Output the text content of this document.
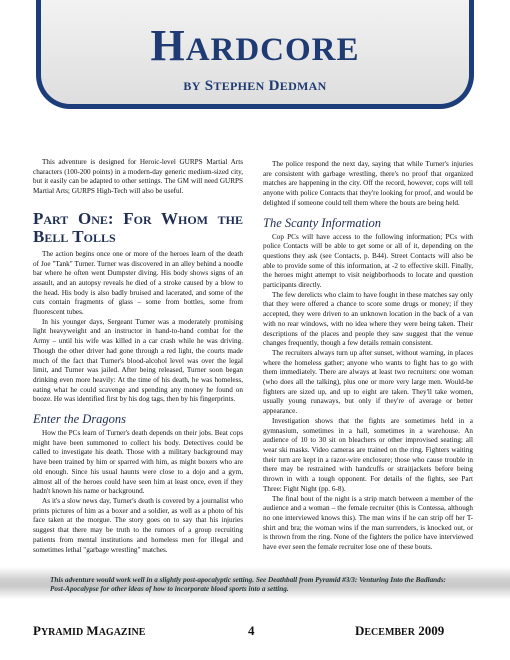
HARDCORE
BY STEPHEN DEDMAN

This adventure is designed for Heroic-level GURPS Martial Arts characters (100-200 points) in a modern-day generic medium-sized city, but it easily can be adapted to other settings. The GM will need GURPS Martial Arts; GURPS High-Tech will also be useful.

Part One: For Whom the Bell Tolls

The action begins once one or more of the heroes learn of the death of Joe "Tank" Turner. Turner was discovered in an alley behind a noodle bar where he often went Dumpster diving. His body shows signs of an assault, and an autopsy reveals he died of a stroke caused by a blow to the head. His body is also badly bruised and lacerated, and some of the cuts contain fragments of glass – some from bottles, some from fluorescent tubes.

In his younger days, Sergeant Turner was a moderately promising light heavyweight and an instructor in hand-to-hand combat for the Army – until his wife was killed in a car crash while he was driving. Though the other driver had gone through a red light, the courts made much of the fact that Turner's blood-alcohol level was over the legal limit, and Turner was jailed. After being released, Turner soon began drinking even more heavily: At the time of his death, he was homeless, eating what he could scavenge and spending any money he found on booze. He was identified first by his dog tags, then by his fingerprints.

Enter the Dragons

How the PCs learn of Turner's death depends on their jobs. Beat cops might have been summoned to collect his body. Detectives could be called to investigate his death. Those with a military background may have been trained by him or sparred with him, as might boxers who are old enough. Since his usual haunts were close to a dojo and a gym, almost all of the heroes could have seen him at least once, even if they hadn't known his name or background.

As it's a slow news day, Turner's death is covered by a journalist who prints pictures of him as a boxer and a soldier, as well as a photo of his face taken at the morgue. The story goes on to say that his injuries suggest that there may be truth to the rumors of a group recruiting patients from mental institutions and homeless men for illegal and sometimes lethal "garbage wrestling" matches.

The police respond the next day, saying that while Turner's injuries are consistent with garbage wrestling, there's no proof that organized matches are happening in the city. Off the record, however, cops will tell anyone with police Contacts that they're looking for proof, and would be delighted if someone could tell them where the bouts are being held.

The Scanty Information

Cop PCs will have access to the following information; PCs with police Contacts will be able to get some or all of it, depending on the questions they ask (see Contacts, p. B44). Street Contacts will also be able to provide some of this information, at -2 to effective skill. Finally, the heroes might attempt to visit neighborhoods to locate and question participants directly.

The few derelicts who claim to have fought in these matches say only that they were offered a chance to score some drugs or money; if they accepted, they were driven to an unknown location in the back of a van with no rear windows, with no idea where they were being taken. Their descriptions of the places and people they saw suggest that the venue changes frequently, though a few details remain consistent.

The recruiters always turn up after sunset, without warning, in places where the homeless gather; anyone who wants to fight has to go with them immediately. There are always at least two recruiters: one woman (who does all the talking), plus one or more very large men. Would-be fighters are sized up, and up to eight are taken. They'll take women, usually young runaways, but only if they're of average or better appearance.

Investigation shows that the fights are sometimes held in a gymnasium, sometimes in a hall, sometimes in a warehouse. An audience of 10 to 30 sit on bleachers or other improvised seating; all wear ski masks. Video cameras are trained on the ring. Fighters waiting their turn are kept in a razor-wire enclosure; those who cause trouble in there may be restrained with handcuffs or straitjackets before being thrown in with a tough opponent. For details of the fights, see Part Three: Fight Night (pp. 6-8).

The final bout of the night is a strip match between a member of the audience and a woman – the female recruiter (this is Contessa, although no one interviewed knows this). The man wins if he can strip off her T-shirt and bra; the woman wins if the man surrenders, is knocked out, or is thrown from the ring. None of the fighters the police have interviewed have ever seen the female recruiter lose one of these bouts.

This adventure would work well in a slightly post-apocalyptic setting. See Deathball from Pyramid #3/3: Venturing Into the Badlands: Post-Apocalypse for other ideas of how to incorporate blood sports into a setting.
PYRAMID MAGAZINE	4	DECEMBER 2009
